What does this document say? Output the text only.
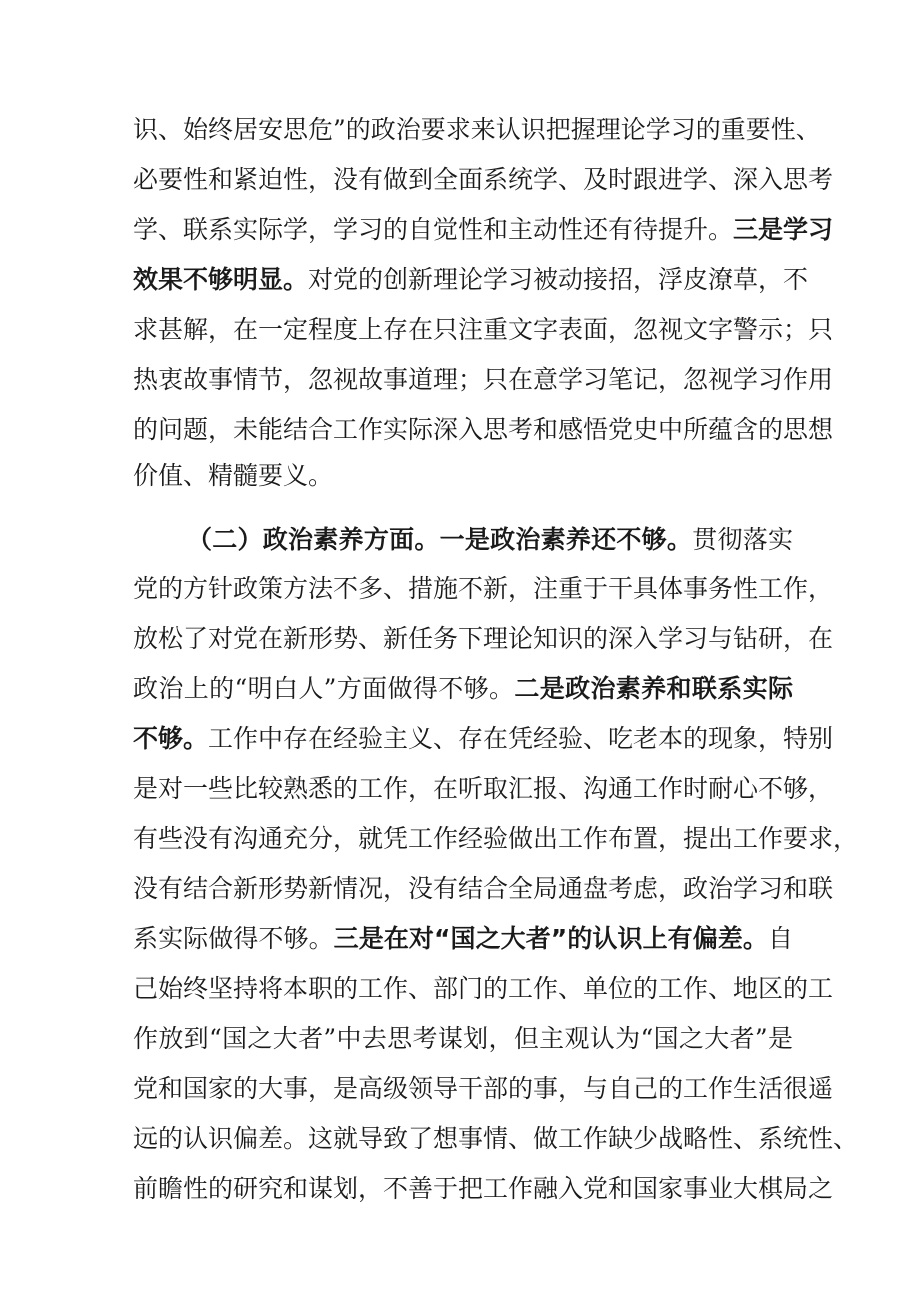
识、始终居安思危”的政治要求来认识把握理论学习的重要性、
必要性和紧迫性，没有做到全面系统学、及时跟进学、深入思考
学、联系实际学，学习的自觉性和主动性还有待提升。三是学习
效果不够明显。对党的创新理论学习被动接招，浮皮潦草，不
求甚解，在一定程度上存在只注重文字表面，忽视文字警示；只
热衷故事情节，忽视故事道理；只在意学习笔记，忽视学习作用
的问题，未能结合工作实际深入思考和感悟党史中所蕴含的思想
价值、精髓要义。
（二）政治素养方面。一是政治素养还不够。贯彻落实
党的方针政策方法不多、措施不新，注重于干具体事务性工作，
放松了对党在新形势、新任务下理论知识的深入学习与钻研，在
政治上的“明白人”方面做得不够。二是政治素养和联系实际
不够。工作中存在经验主义、存在凭经验、吃老本的现象，特别
是对一些比较熟悉的工作，在听取汇报、沟通工作时耐心不够，
有些没有沟通充分，就凭工作经验做出工作布置，提出工作要求，
没有结合新形势新情况，没有结合全局通盘考虑，政治学习和联
系实际做得不够。三是在对“国之大者”的认识上有偏差。自
己始终坚持将本职的工作、部门的工作、单位的工作、地区的工
作放到“国之大者”中去思考谋划，但主观认为“国之大者”是
党和国家的大事，是高级领导干部的事，与自己的工作生活很遥
远的认识偏差。这就导致了想事情、做工作缺少战略性、系统性、
前瞻性的研究和谋划，不善于把工作融入党和国家事业大棋局之
